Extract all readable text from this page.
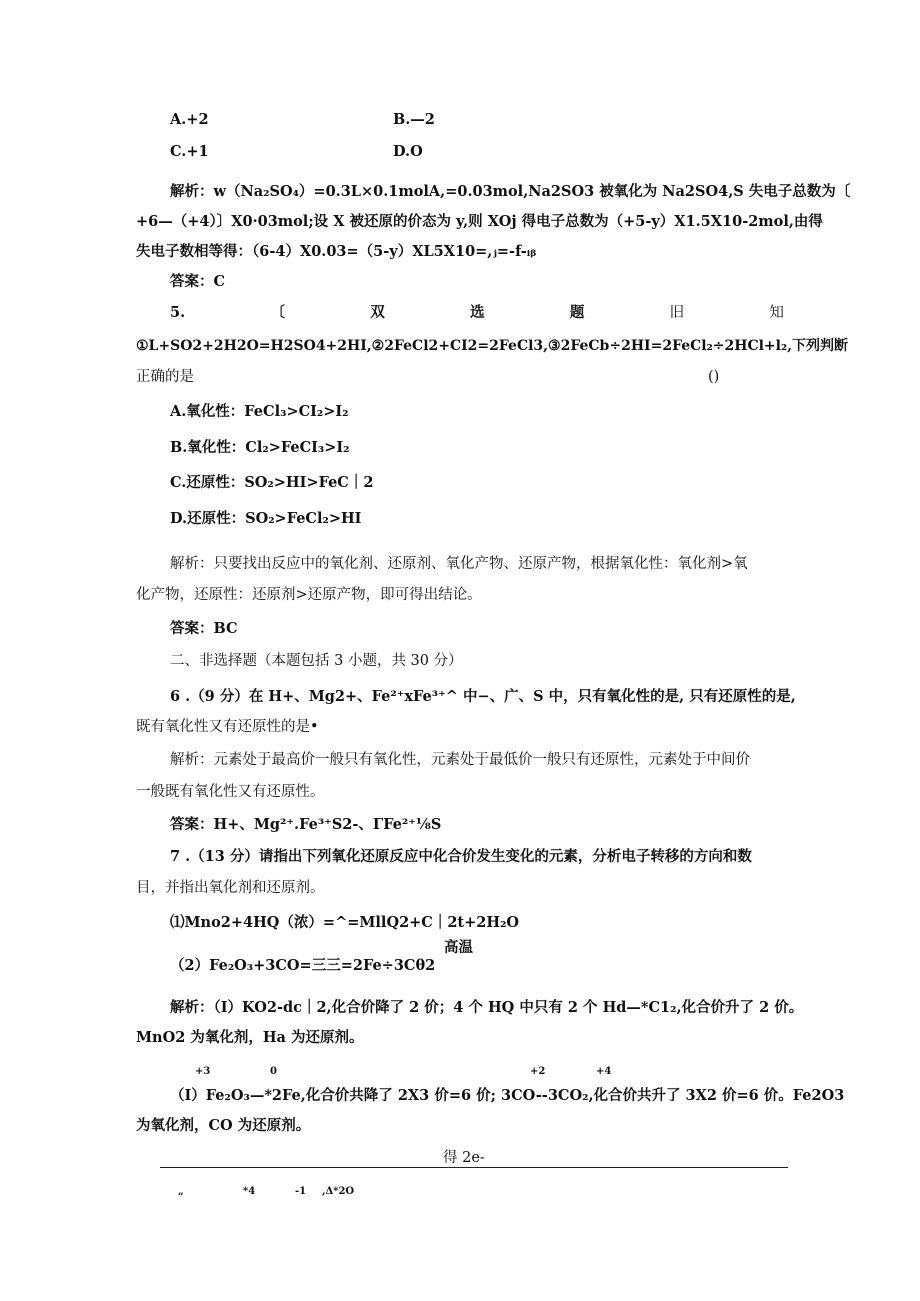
A.+2	B.—2
C.+1	D.O
解析：w（Na₂SO₄）=0.3L×0.1molA,=0.03mol,Na2SO3 被氧化为 Na2SO4,S 失电子总数为〔
+6—（+4）〕X0·03mol;设 X 被还原的价态为 y,则 XOj 得电子总数为（+5-y）X1.5X10-2mol,由得
失电子数相等得：（6-4）X0.03=（5-y）XL5X10=,ⱼ=-f-ᵢᵦ
答案：C
5.	〔	双	选	题	旧	知
①L+SO2+2H2O=H2SO4+2HI,②2FeCl2+CI2=2FeCl3,③2FeCb÷2HI=2FeCl₂÷2HCl+l₂,下列判断
正确的是	()
A.氧化性：FeCl₃>CI₂>I₂
B.氧化性：Cl₂>FeCI₃>I₂
C.还原性：SO₂>HI>FeC｜2
D.还原性：SO₂>FeCl₂>HI
解析：只要找出反应中的氧化剂、还原剂、氧化产物、还原产物，根据氧化性：氧化剂>氧
化产物，还原性：还原剂>还原产物，即可得出结论。
答案：BC
二、非选择题（本题包括 3 小题，共 30 分）
6 .（9 分）在 H+、Mg2+、Fe²⁺xFe³⁺^ 中−、广、S 中，只有氧化性的是, 只有还原性的是,
既有氧化性又有还原性的是•
解析：元素处于最高价一般只有氧化性，元素处于最低价一般只有还原性，元素处于中间价
一般既有氧化性又有还原性。
答案：H+、Mg²⁺.Fe³⁺S2-、ΓFe²⁺⅛S
7 .（13 分）请指出下列氧化还原反应中化合价发生变化的元素，分析电子转移的方向和数
目，并指出氧化剂和还原剂。
⑴Mno2+4HQ（浓）=^=MllQ2+C｜2t+2H₂O
高温
（2）Fe₂O₃+3CO=三三=2Fe÷3Cθ2
解析：（I）KO2-dc｜2,化合价降了 2 价；4 个 HQ 中只有 2 个 Hd—*C1₂,化合价升了 2 价。
MnO2 为氧化剂，Ha 为还原剂。
+3	0	+2	+4
（I）Fe₂O₃—*2Fe,化合价共降了 2X3 价=6 价; 3CO--3CO₂,化合价共升了 3X2 价=6 价。Fe2O3
为氧化剂，CO 为还原剂。
得 2e-
„	*4	-1 ,Δ*2O
